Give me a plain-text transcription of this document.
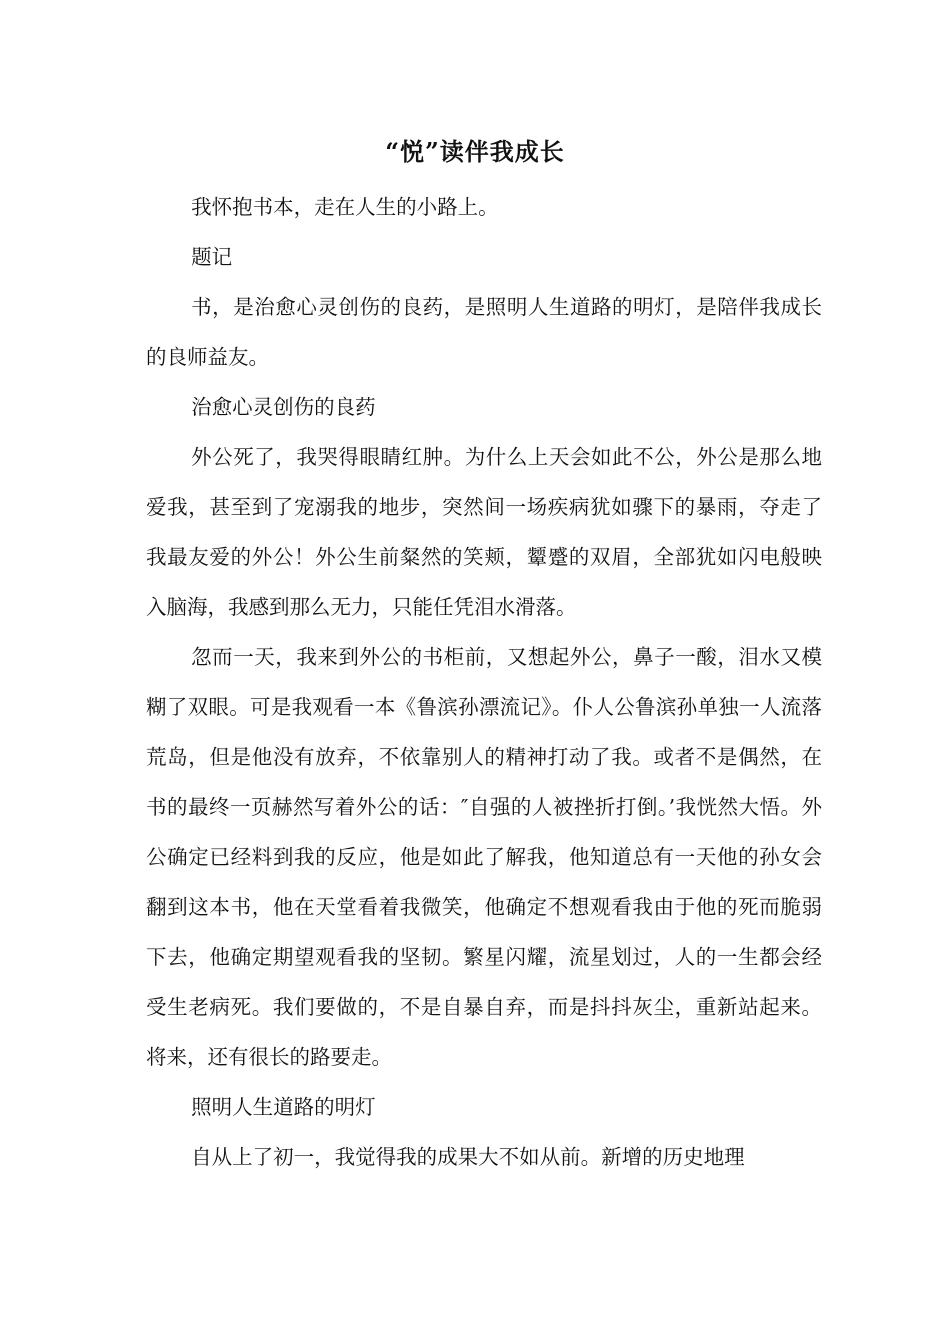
“悦”读伴我成长

我怀抱书本，走在人生的小路上。

题记

书，是治愈心灵创伤的良药，是照明人生道路的明灯，是陪伴我成长的良师益友。

治愈心灵创伤的良药

外公死了，我哭得眼睛红肿。为什么上天会如此不公，外公是那么地爱我，甚至到了宠溺我的地步，突然间一场疾病犹如骤下的暴雨，夺走了我最友爱的外公！外公生前粲然的笑颊，颦蹙的双眉，全部犹如闪电般映入脑海，我感到那么无力，只能任凭泪水滑落。

忽而一天，我来到外公的书柜前，又想起外公，鼻子一酸，泪水又模糊了双眼。可是我观看一本《鲁滨孙漂流记》。仆人公鲁滨孙单独一人流落荒岛，但是他没有放弃，不依靠别人的精神打动了我。或者不是偶然，在书的最终一页赫然写着外公的话：″自强的人被挫折打倒。’我恍然大悟。外公确定已经料到我的反应，他是如此了解我，他知道总有一天他的孙女会翻到这本书，他在天堂看着我微笑，他确定不想观看我由于他的死而脆弱下去，他确定期望观看我的坚韧。繁星闪耀，流星划过，人的一生都会经受生老病死。我们要做的，不是自暴自弃，而是抖抖灰尘，重新站起来。将来，还有很长的路要走。

照明人生道路的明灯

自从上了初一，我觉得我的成果大不如从前。新增的历史地理
